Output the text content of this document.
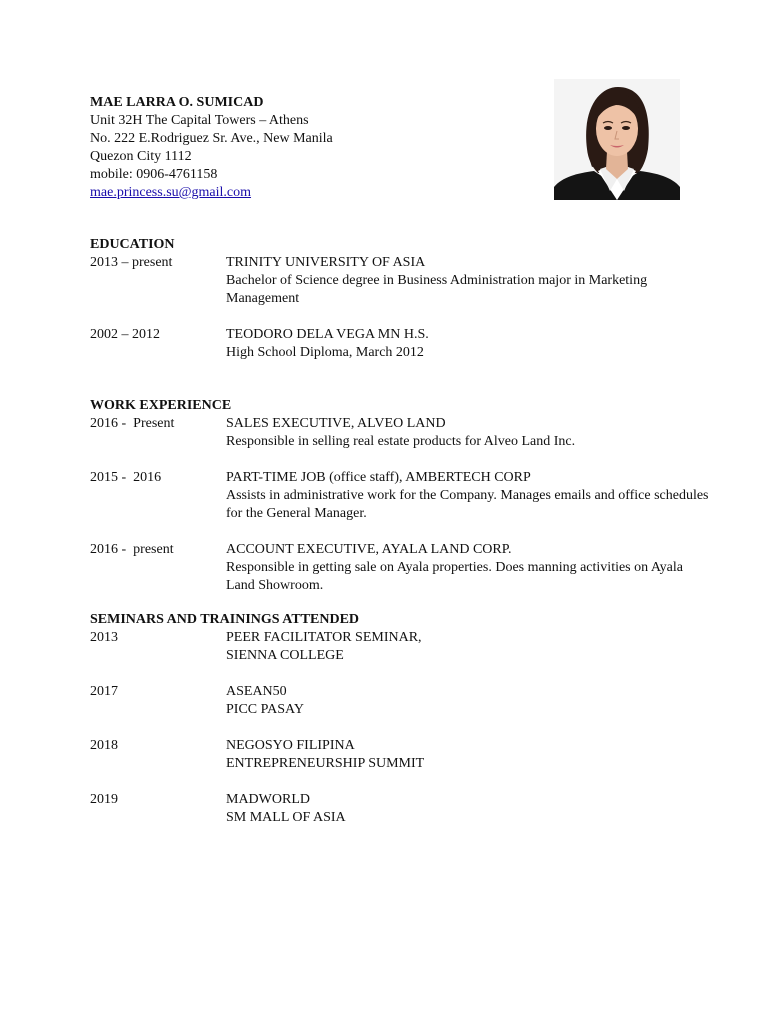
MAE LARRA O. SUMICAD
Unit 32H The Capital Towers – Athens
No. 222 E.Rodriguez Sr. Ave., New Manila
Quezon City 1112
mobile: 0906-4761158
mae.princess.su@gmail.com
EDUCATION
2013 – present	TRINITY UNIVERSITY OF ASIA
Bachelor of Science degree in Business Administration major in Marketing Management
2002 – 2012	TEODORO DELA VEGA MN H.S.
High School Diploma, March 2012
WORK EXPERIENCE
2016 -  Present	SALES EXECUTIVE, ALVEO LAND
Responsible in selling real estate products for Alveo Land Inc.
2015 -  2016	PART-TIME JOB (office staff), AMBERTECH CORP
Assists in administrative work for the Company. Manages emails and office schedules for the General Manager.
2016 -  present	ACCOUNT EXECUTIVE, AYALA LAND CORP.
Responsible in getting sale on Ayala properties. Does manning activities on Ayala Land Showroom.
SEMINARS AND TRAININGS ATTENDED
2013	PEER FACILITATOR SEMINAR,
SIENNA COLLEGE
2017	ASEAN50
PICC PASAY
2018	NEGOSYO FILIPINA
ENTREPRENEURSHIP SUMMIT
2019	MADWORLD
SM MALL OF ASIA
